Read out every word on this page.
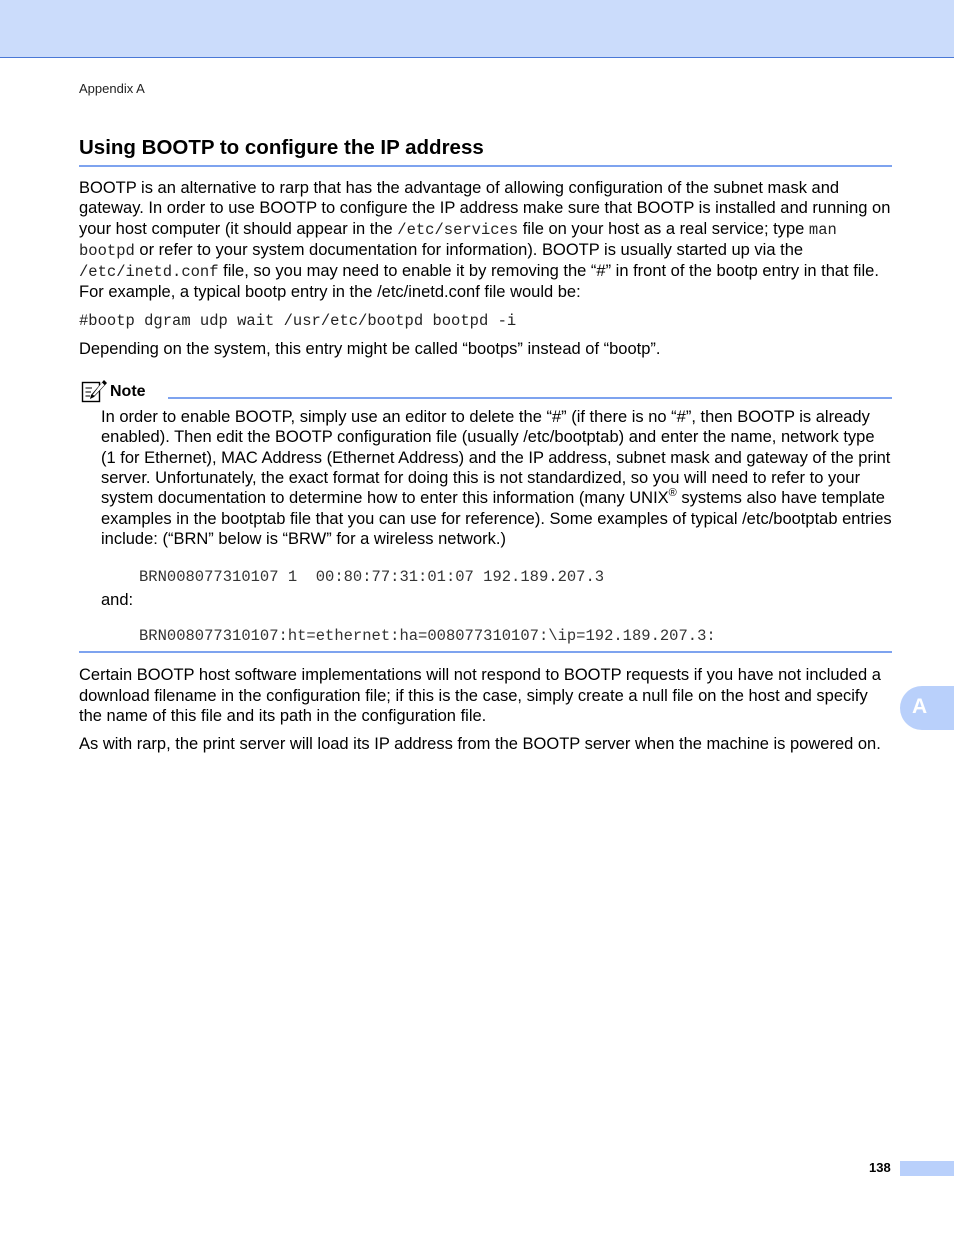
Appendix A
Using BOOTP to configure the IP address

BOOTP is an alternative to rarp that has the advantage of allowing configuration of the subnet mask and gateway. In order to use BOOTP to configure the IP address make sure that BOOTP is installed and running on your host computer (it should appear in the /etc/services file on your host as a real service; type man bootpd or refer to your system documentation for information). BOOTP is usually started up via the /etc/inetd.conf file, so you may need to enable it by removing the “#” in front of the bootp entry in that file. For example, a typical bootp entry in the /etc/inetd.conf file would be:

#bootp dgram udp wait /usr/etc/bootpd bootpd -i

Depending on the system, this entry might be called “bootps” instead of “bootp”.

Note

In order to enable BOOTP, simply use an editor to delete the “#” (if there is no “#”, then BOOTP is already enabled). Then edit the BOOTP configuration file (usually /etc/bootptab) and enter the name, network type (1 for Ethernet), MAC Address (Ethernet Address) and the IP address, subnet mask and gateway of the print server. Unfortunately, the exact format for doing this is not standardized, so you will need to refer to your system documentation to determine how to enter this information (many UNIX® systems also have template examples in the bootptab file that you can use for reference). Some examples of typical /etc/bootptab entries include: (“BRN” below is “BRW” for a wireless network.)

BRN008077310107 1  00:80:77:31:01:07 192.189.207.3

and:

BRN008077310107:ht=ethernet:ha=008077310107:\ip=192.189.207.3:

Certain BOOTP host software implementations will not respond to BOOTP requests if you have not included a download filename in the configuration file; if this is the case, simply create a null file on the host and specify the name of this file and its path in the configuration file.

As with rarp, the print server will load its IP address from the BOOTP server when the machine is powered on.

A
138
